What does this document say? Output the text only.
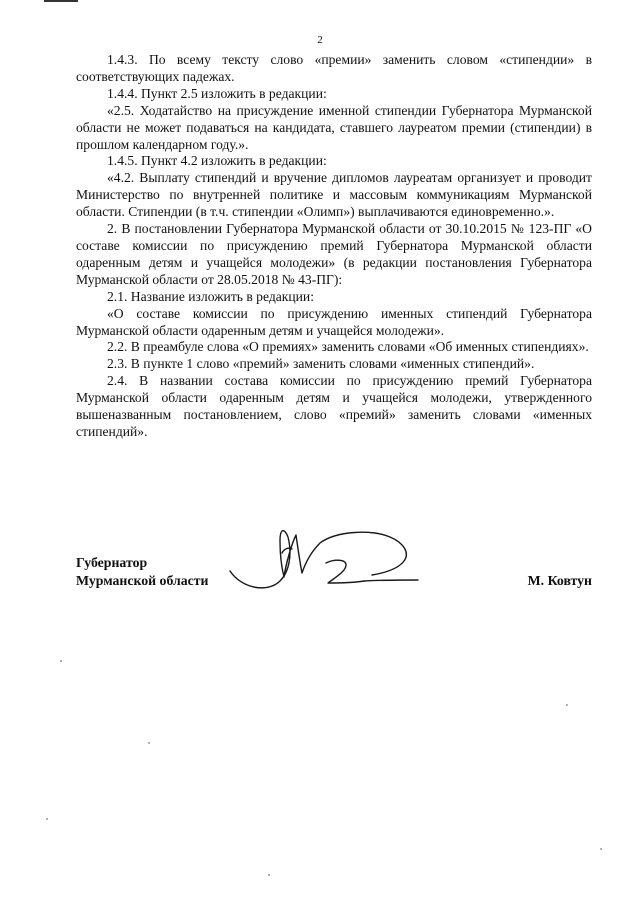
2

1.4.3. По всему тексту слово «премии» заменить словом «стипендии» в соответствующих падежах.

1.4.4. Пункт 2.5 изложить в редакции:

«2.5. Ходатайство на присуждение именной стипендии Губернатора Мурманской области не может подаваться на кандидата, ставшего лауреатом премии (стипендии) в прошлом календарном году.».

1.4.5. Пункт 4.2 изложить в редакции:

«4.2. Выплату стипендий и вручение дипломов лауреатам организует и проводит Министерство по внутренней политике и массовым коммуникациям Мурманской области. Стипендии (в т.ч. стипендии «Олимп») выплачиваются единовременно.».

2. В постановлении Губернатора Мурманской области от 30.10.2015 № 123-ПГ «О составе комиссии по присуждению премий Губернатора Мурманской области одаренным детям и учащейся молодежи» (в редакции постановления Губернатора Мурманской области от 28.05.2018 № 43-ПГ):

2.1. Название изложить в редакции:

«О составе комиссии по присуждению именных стипендий Губернатора Мурманской области одаренным детям и учащейся молодежи».

2.2. В преамбуле слова «О премиях» заменить словами «Об именных стипендиях».

2.3. В пункте 1 слово «премий» заменить словами «именных стипендий».

2.4. В названии состава комиссии по присуждению премий Губернатора Мурманской области одаренным детям и учащейся молодежи, утвержденного вышеназванным постановлением, слово «премий» заменить словами «именных стипендий».

Губернатор
Мурманской области	М. Ковтун
